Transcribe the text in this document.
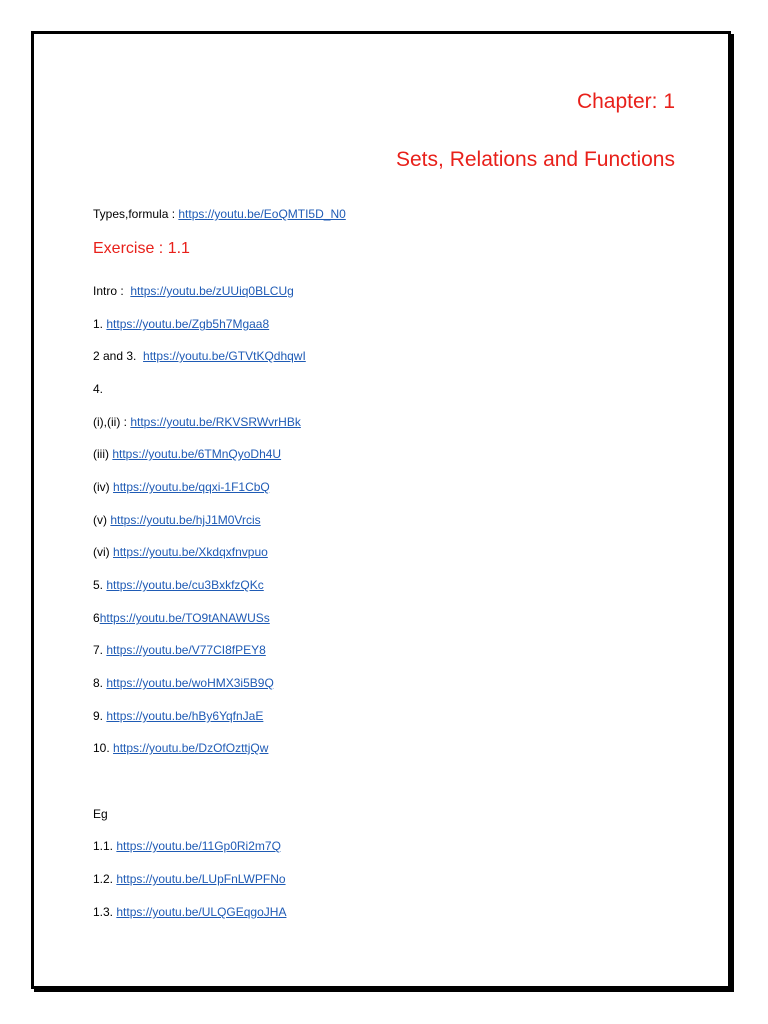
Chapter: 1
Sets, Relations and Functions
Types,formula : https://youtu.be/EoQMTI5D_N0
Exercise : 1.1
Intro : https://youtu.be/zUUiq0BLCUg
1. https://youtu.be/Zgb5h7Mgaa8
2 and 3. https://youtu.be/GTVtKQdhqwI
4.
(i),(ii) : https://youtu.be/RKVSRWvrHBk
(iii) https://youtu.be/6TMnQyoDh4U
(iv) https://youtu.be/qqxi-1F1CbQ
(v) https://youtu.be/hjJ1M0Vrcis
(vi) https://youtu.be/Xkdqxfnvpuo
5. https://youtu.be/cu3BxkfzQKc
6https://youtu.be/TO9tANAWUSs
7. https://youtu.be/V77CI8fPEY8
8. https://youtu.be/woHMX3i5B9Q
9. https://youtu.be/hBy6YqfnJaE
10. https://youtu.be/DzOfOzttjQw
Eg
1.1. https://youtu.be/11Gp0Ri2m7Q
1.2. https://youtu.be/LUpFnLWPFNo
1.3. https://youtu.be/ULQGEqgoJHA
